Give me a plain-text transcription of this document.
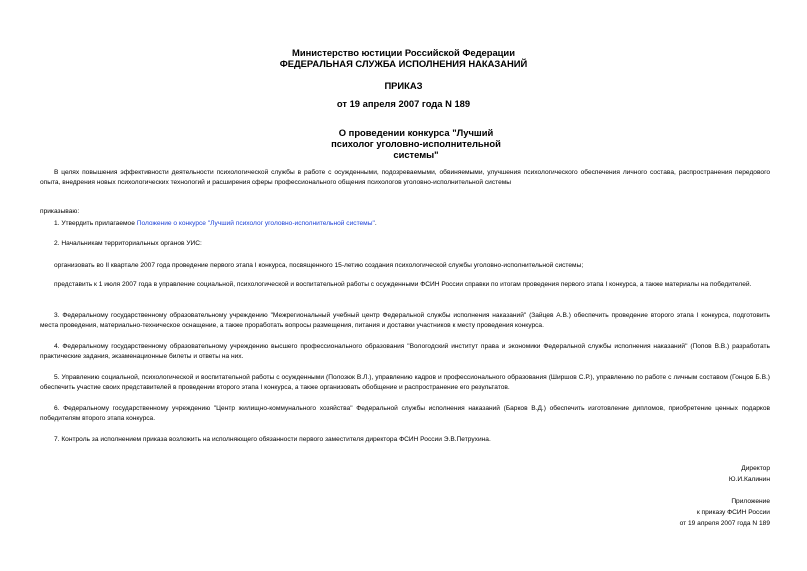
Министерство юстиции Российской Федерации
ФЕДЕРАЛЬНАЯ СЛУЖБА ИСПОЛНЕНИЯ НАКАЗАНИЙ
ПРИКАЗ
от 19 апреля 2007 года N 189
О проведении конкурса "Лучший психолог уголовно-исполнительной системы"
В целях повышения эффективности деятельности психологической службы в работе с осужденными, подозреваемыми, обвиняемыми, улучшения психологического обеспечения личного состава, распространения передового опыта, внедрения новых психологических технологий и расширения сферы профессионального общения психологов уголовно-исполнительной системы
приказываю:
1. Утвердить прилагаемое Положение о конкурсе "Лучший психолог уголовно-исполнительной системы".
2. Начальникам территориальных органов УИС:
организовать во II квартале 2007 года проведение первого этапа I конкурса, посвященного 15-летию создания психологической службы уголовно-исполнительной системы;
представить к 1 июля 2007 года в управление социальной, психологической и воспитательной работы с осужденными ФСИН России справки по итогам проведения первого этапа I конкурса, а также материалы на победителей.
3. Федеральному государственному образовательному учреждению "Межрегиональный учебный центр Федеральной службы исполнения наказаний" (Зайцев А.В.) обеспечить проведение второго этапа I конкурса, подготовить места проведения, материально-техническое оснащение, а также проработать вопросы размещения, питания и доставки участников к месту проведения конкурса.
4. Федеральному государственному образовательному учреждению высшего профессионального образования "Вологодский институт права и экономики Федеральной службы исполнения наказаний" (Попов В.В.) разработать практические задания, экзаменационные билеты и ответы на них.
5. Управлению социальной, психологической и воспитательной работы с осужденными (Полозюк В.Л.), управлению кадров и профессионального образования (Ширшов С.Р.), управлению по работе с личным составом (Гонцов Б.В.) обеспечить участие своих представителей в проведении второго этапа I конкурса, а также организовать обобщение и распространение его результатов.
6. Федеральному государственному учреждению "Центр жилищно-коммунального хозяйства" Федеральной службы исполнения наказаний (Барков В.Д.) обеспечить изготовление дипломов, приобретение ценных подарков победителям второго этапа конкурса.
7. Контроль за исполнением приказа возложить на исполняющего обязанности первого заместителя директора ФСИН России Э.В.Петрухина.
Директор
Ю.И.Калинин
Приложение
к приказу ФСИН России
от 19 апреля 2007 года N 189
